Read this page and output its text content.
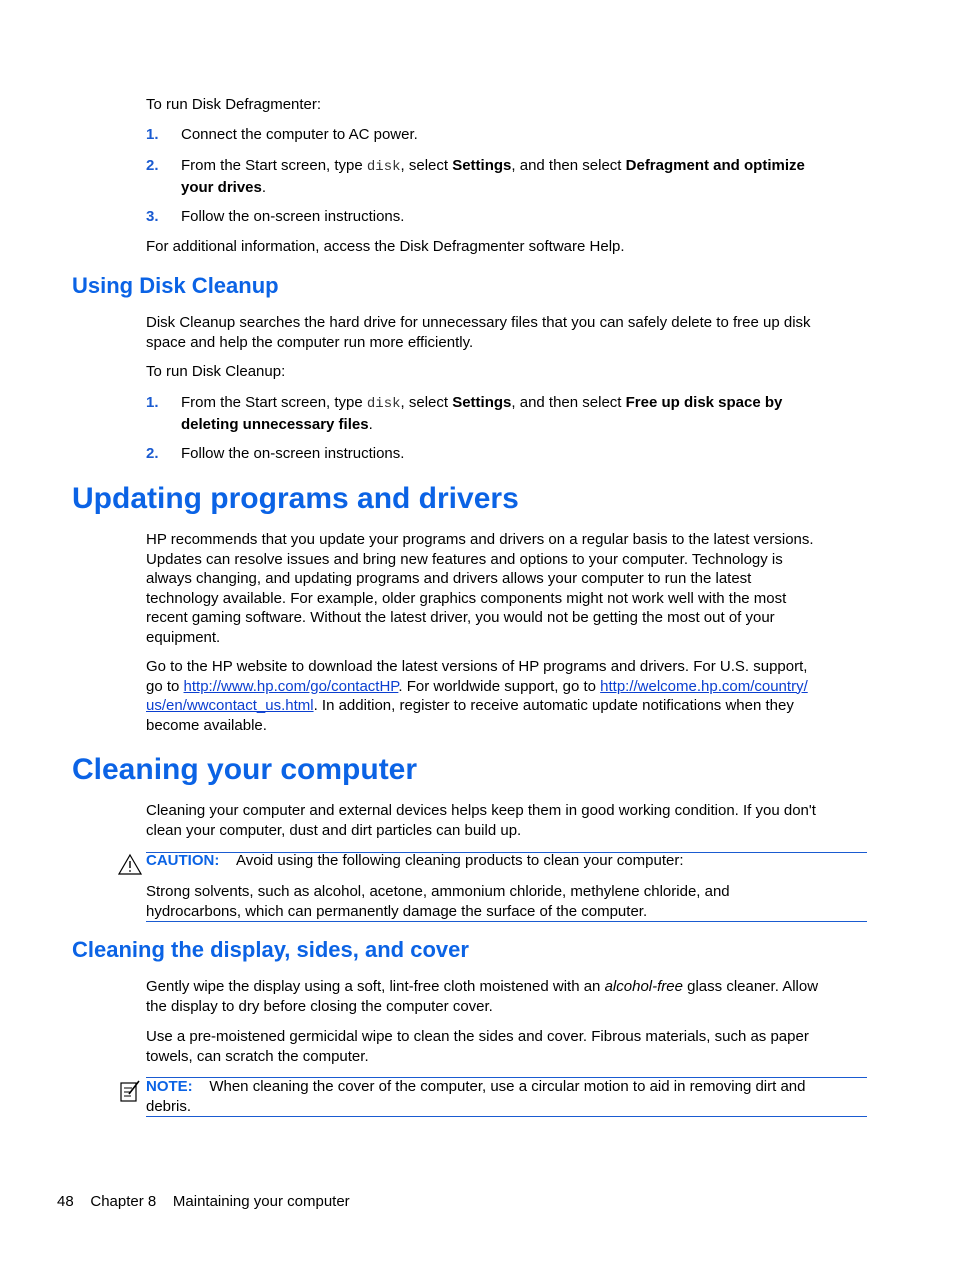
To run Disk Defragmenter:

1. Connect the computer to AC power.
2. From the Start screen, type disk, select Settings, and then select Defragment and optimize
your drives.
3. Follow the on-screen instructions.

For additional information, access the Disk Defragmenter software Help.

Using Disk Cleanup

Disk Cleanup searches the hard drive for unnecessary files that you can safely delete to free up disk
space and help the computer run more efficiently.

To run Disk Cleanup:

1. From the Start screen, type disk, select Settings, and then select Free up disk space by
deleting unnecessary files.
2. Follow the on-screen instructions.
Updating programs and drivers

HP recommends that you update your programs and drivers on a regular basis to the latest versions.
Updates can resolve issues and bring new features and options to your computer. Technology is
always changing, and updating programs and drivers allows your computer to run the latest
technology available. For example, older graphics components might not work well with the most
recent gaming software. Without the latest driver, you would not be getting the most out of your
equipment.

Go to the HP website to download the latest versions of HP programs and drivers. For U.S. support,
go to http://www.hp.com/go/contactHP. For worldwide support, go to http://welcome.hp.com/country/
us/en/wwcontact_us.html. In addition, register to receive automatic update notifications when they
become available.

Cleaning your computer

Cleaning your computer and external devices helps keep them in good working condition. If you don't
clean your computer, dust and dirt particles can build up.

CAUTION: Avoid using the following cleaning products to clean your computer:

Strong solvents, such as alcohol, acetone, ammonium chloride, methylene chloride, and
hydrocarbons, which can permanently damage the surface of the computer.

Cleaning the display, sides, and cover

Gently wipe the display using a soft, lint-free cloth moistened with an alcohol-free glass cleaner. Allow
the display to dry before closing the computer cover.

Use a pre-moistened germicidal wipe to clean the sides and cover. Fibrous materials, such as paper
towels, can scratch the computer.

NOTE: When cleaning the cover of the computer, use a circular motion to aid in removing dirt and
debris.

48 Chapter 8 Maintaining your computer
